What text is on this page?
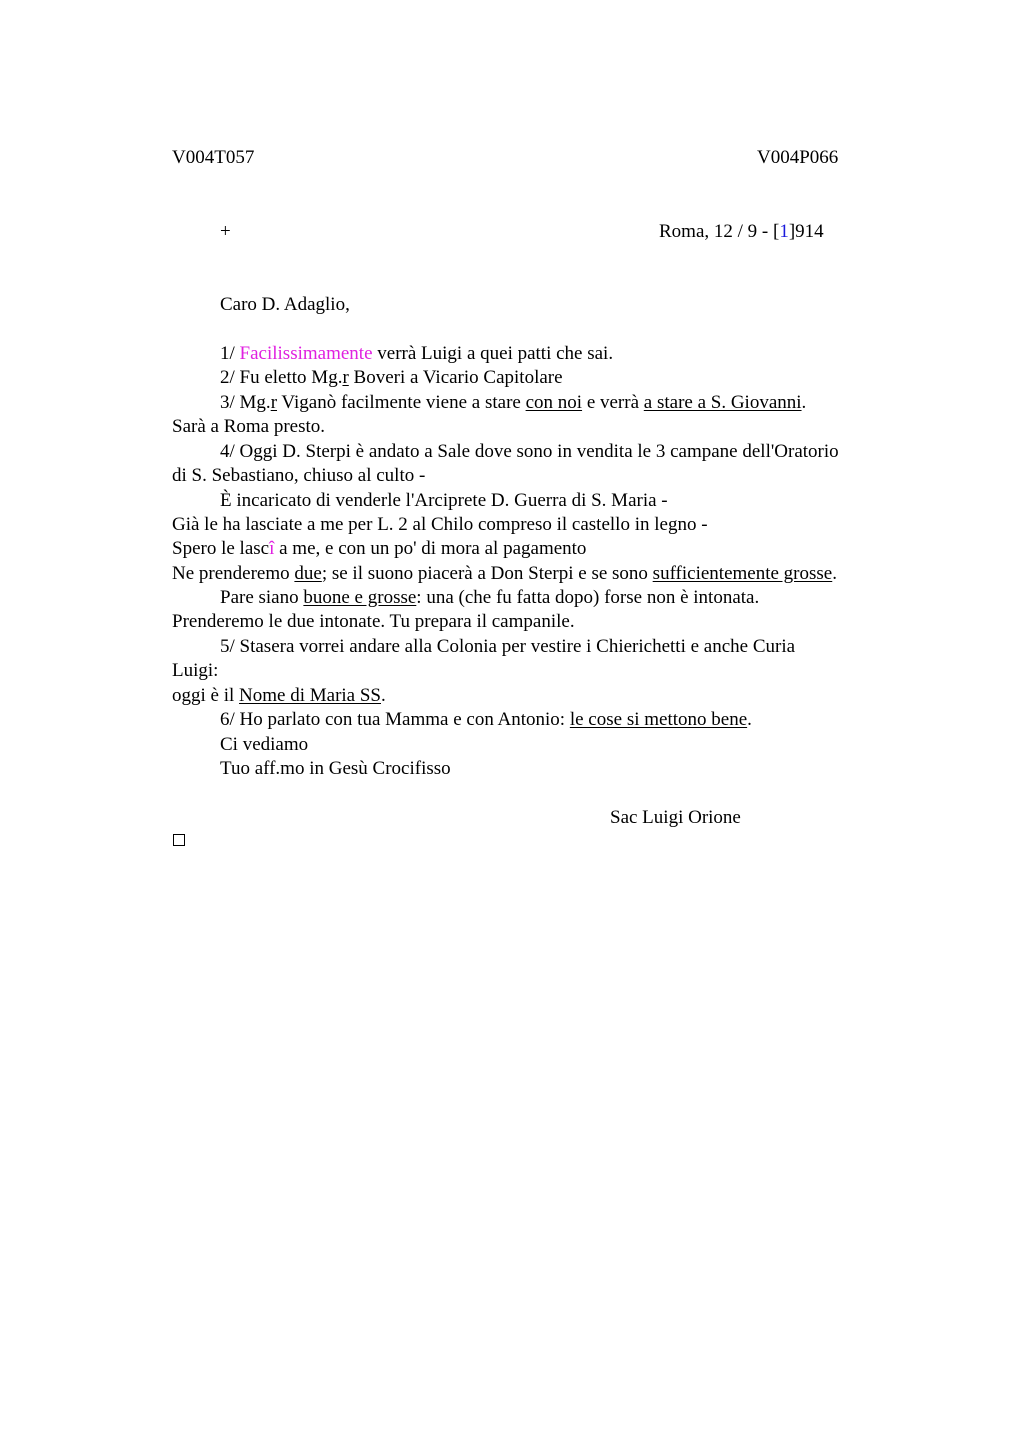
V004T057	V004P066
+	Roma, 12 / 9 - [1]914
Caro D. Adaglio,
1/ Facilissimamente verrà Luigi a quei patti che sai.
2/ Fu eletto Mg.r Boveri a Vicario Capitolare
3/ Mg.r Viganò facilmente viene a stare con noi e verrà a stare a S. Giovanni.
Sarà a Roma presto.
4/ Oggi D. Sterpi è andato a Sale dove sono in vendita le 3 campane dell'Oratorio
di S. Sebastiano, chiuso al culto -
È incaricato di venderle l'Arciprete D. Guerra di S. Maria -
Già le ha lasciate a me per L. 2 al Chilo compreso il castello in legno -
Spero le lascî a me, e con un po' di mora al pagamento
Ne prenderemo due; se il suono piacerà a Don Sterpi e se sono sufficientemente grosse.
Pare siano buone e grosse: una (che fu fatta dopo) forse non è intonata.
Prenderemo le due intonate. Tu prepara il campanile.
5/ Stasera vorrei andare alla Colonia per vestire i Chierichetti e anche Curia
Luigi:
oggi è il Nome di Maria SS.
6/ Ho parlato con tua Mamma e con Antonio: le cose si mettono bene.
Ci vediamo
Tuo aff.mo in Gesù Crocifisso
Sac Luigi Orione
